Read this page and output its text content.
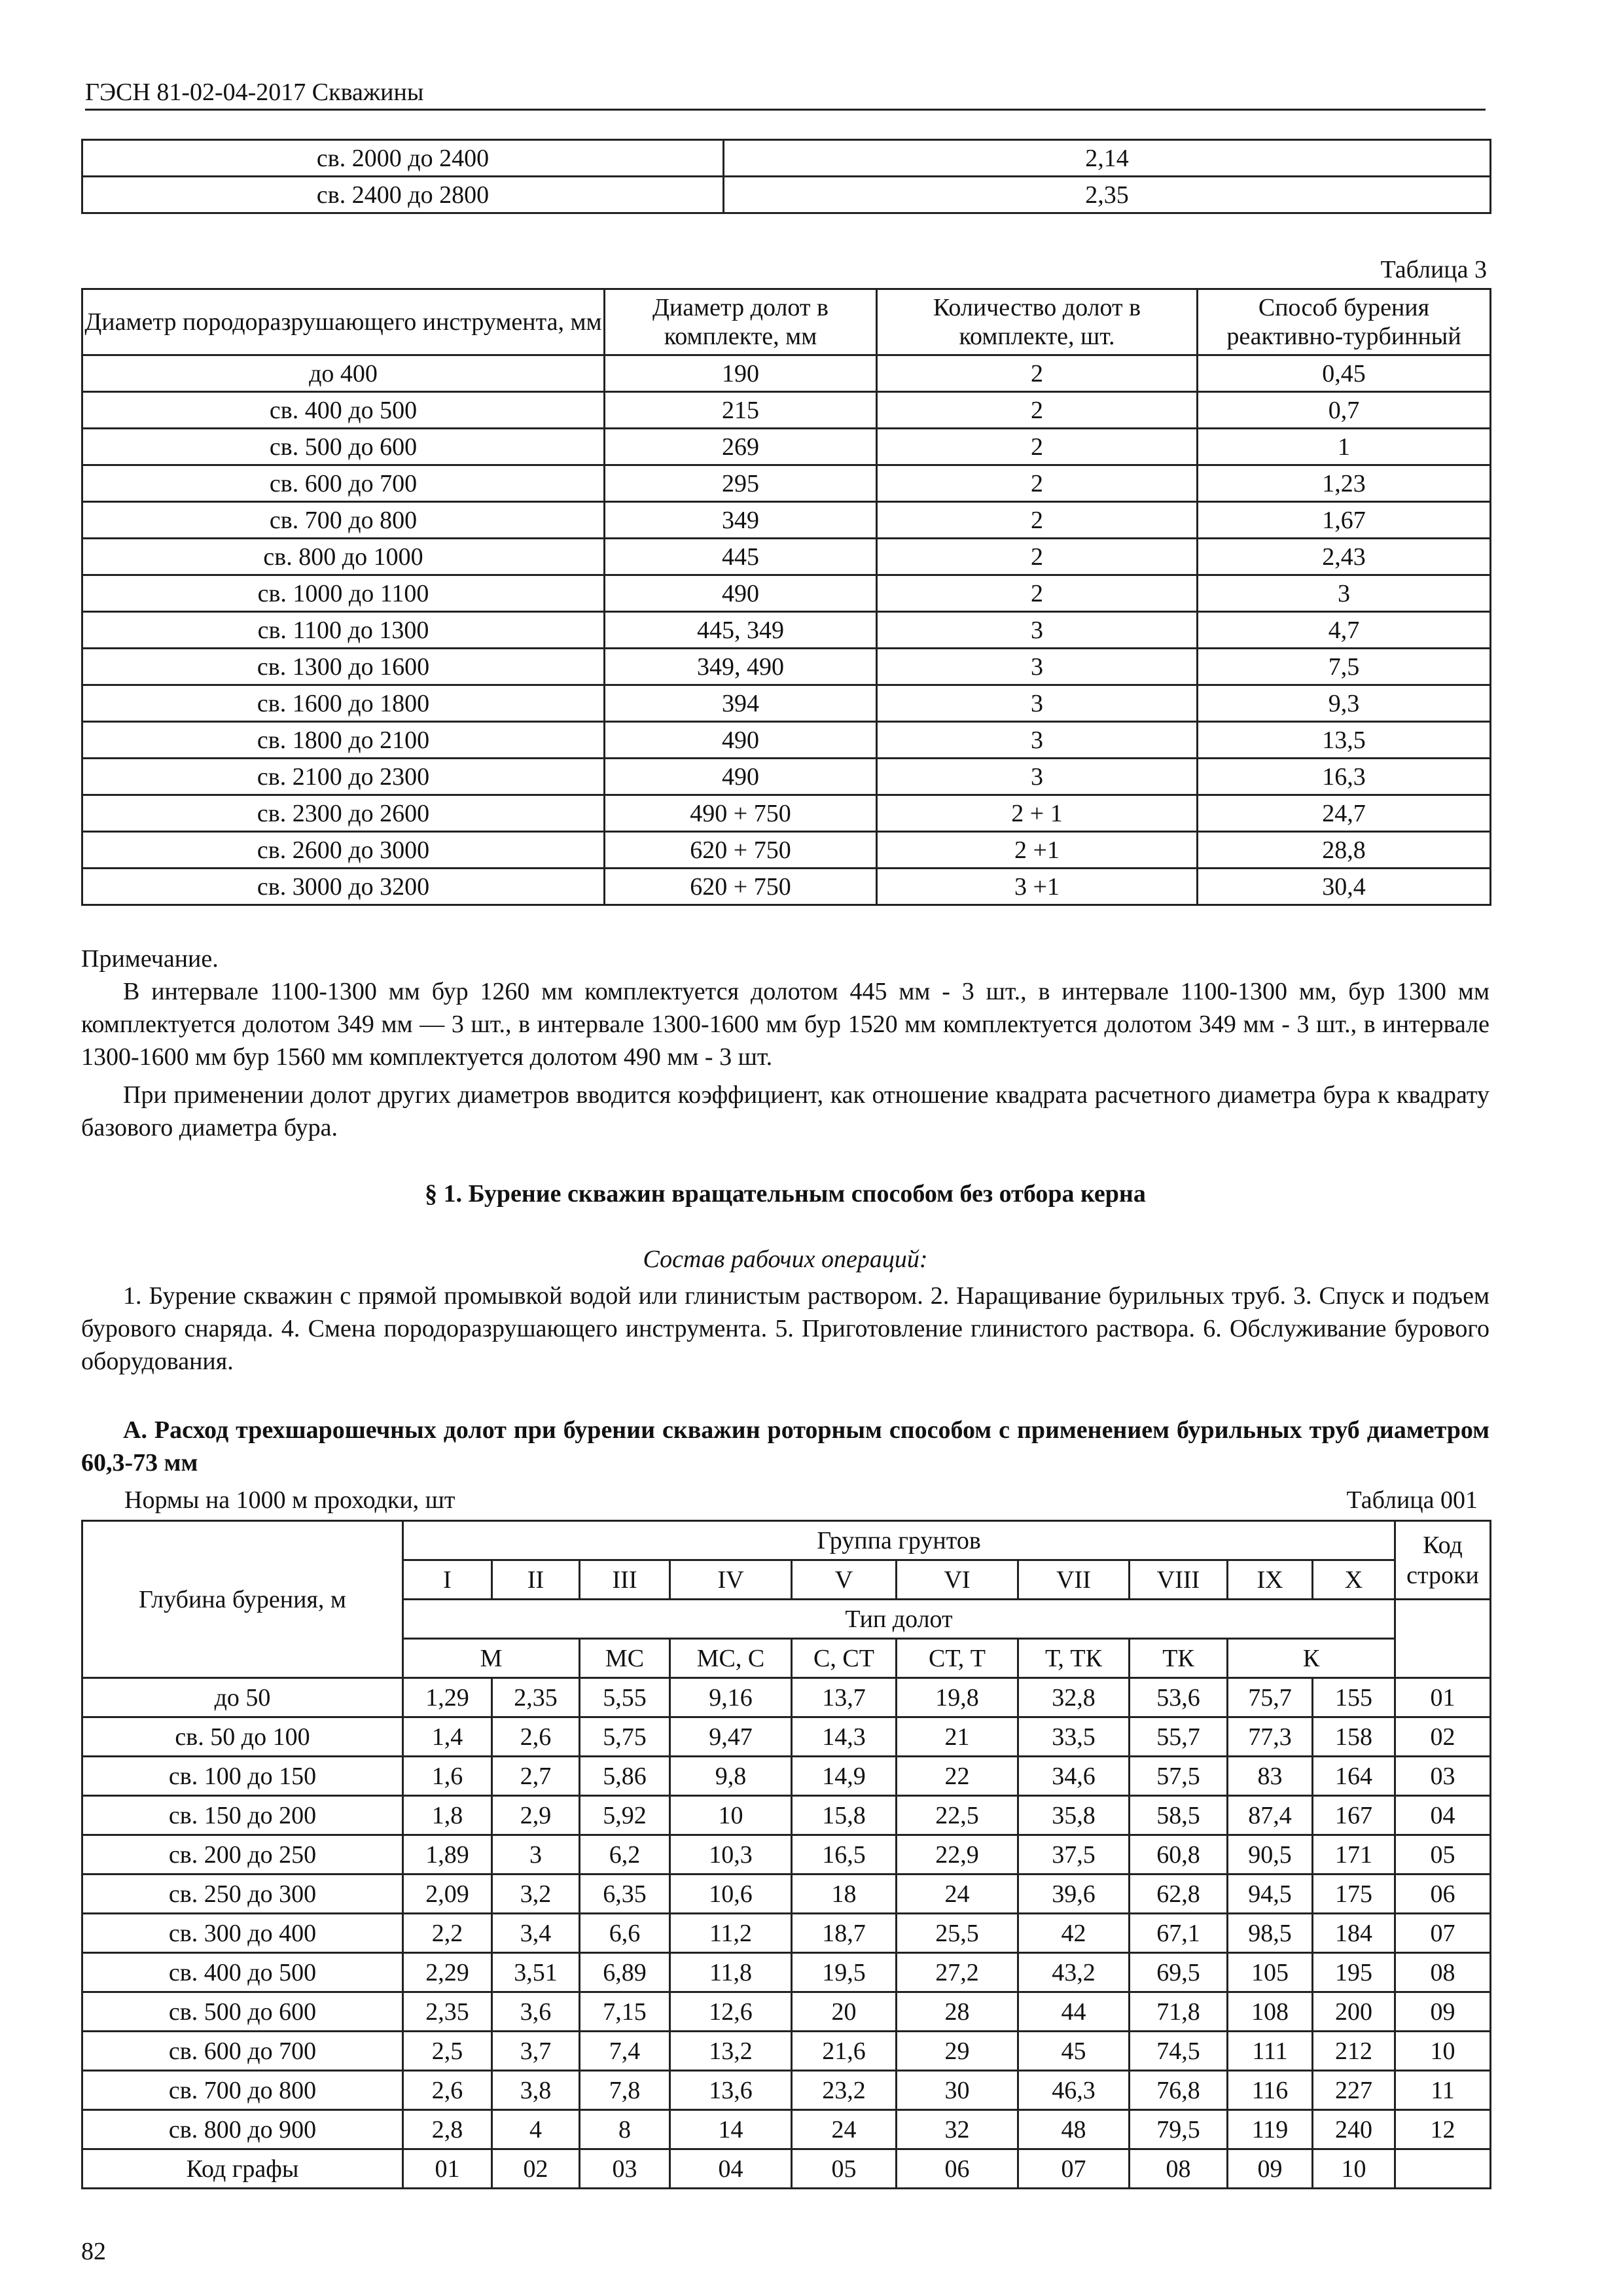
ГЭСН 81-02-04-2017 Скважины
св. 2000 до 2400	2,14
св. 2400 до 2800	2,35
Таблица 3
Диаметр породоразрушающего инструмента, мм	Диаметр долот в комплекте, мм	Количество долот в комплекте, шт.	Способ бурения реактивно-турбинный
до 400	190	2	0,45
св. 400 до 500	215	2	0,7
св. 500 до 600	269	2	1
св. 600 до 700	295	2	1,23
св. 700 до 800	349	2	1,67
св. 800 до 1000	445	2	2,43
св. 1000 до 1100	490	2	3
св. 1100 до 1300	445, 349	3	4,7
св. 1300 до 1600	349, 490	3	7,5
св. 1600 до 1800	394	3	9,3
св. 1800 до 2100	490	3	13,5
св. 2100 до 2300	490	3	16,3
св. 2300 до 2600	490 + 750	2 + 1	24,7
св. 2600 до 3000	620 + 750	2 +1	28,8
св. 3000 до 3200	620 + 750	3 +1	30,4

Примечание.

В интервале 1100-1300 мм бур 1260 мм комплектуется долотом 445 мм - 3 шт., в интервале 1100-1300 мм, бур 1300 мм комплектуется долотом 349 мм — 3 шт., в интервале 1300-1600 мм бур 1520 мм комплектуется долотом 349 мм - 3 шт., в интервале 1300-1600 мм бур 1560 мм комплектуется долотом 490 мм - 3 шт.

При применении долот других диаметров вводится коэффициент, как отношение квадрата расчетного диаметра бура к квадрату базового диаметра бура.

§ 1. Бурение скважин вращательным способом без отбора керна
Состав рабочих операций:

1. Бурение скважин с прямой промывкой водой или глинистым раствором. 2. Наращивание бурильных труб. 3. Спуск и подъем бурового снаряда. 4. Смена породоразрушающего инструмента. 5. Приготовление глинистого раствора. 6. Обслуживание бурового оборудования.

А. Расход трехшарошечных долот при бурении скважин роторным способом с применением бурильных труб диаметром 60,3-73 мм

Нормы на 1000 м проходки, шт	Таблица 001
Глубина бурения, м	Группа грунтов										Код строки
	I	II	III	IV	V	VI	VII	VIII	IX	X	
	Тип долот										
	М		МС	МС, С	С, СТ	СТ, Т	Т, ТК	ТК	К		
до 50	1,29	2,35	5,55	9,16	13,7	19,8	32,8	53,6	75,7	155	01
св. 50 до 100	1,4	2,6	5,75	9,47	14,3	21	33,5	55,7	77,3	158	02
св. 100 до 150	1,6	2,7	5,86	9,8	14,9	22	34,6	57,5	83	164	03
св. 150 до 200	1,8	2,9	5,92	10	15,8	22,5	35,8	58,5	87,4	167	04
св. 200 до 250	1,89	3	6,2	10,3	16,5	22,9	37,5	60,8	90,5	171	05
св. 250 до 300	2,09	3,2	6,35	10,6	18	24	39,6	62,8	94,5	175	06
св. 300 до 400	2,2	3,4	6,6	11,2	18,7	25,5	42	67,1	98,5	184	07
св. 400 до 500	2,29	3,51	6,89	11,8	19,5	27,2	43,2	69,5	105	195	08
св. 500 до 600	2,35	3,6	7,15	12,6	20	28	44	71,8	108	200	09
св. 600 до 700	2,5	3,7	7,4	13,2	21,6	29	45	74,5	111	212	10
св. 700 до 800	2,6	3,8	7,8	13,6	23,2	30	46,3	76,8	116	227	11
св. 800 до 900	2,8	4	8	14	24	32	48	79,5	119	240	12
Код графы	01	02	03	04	05	06	07	08	09	10	
82
